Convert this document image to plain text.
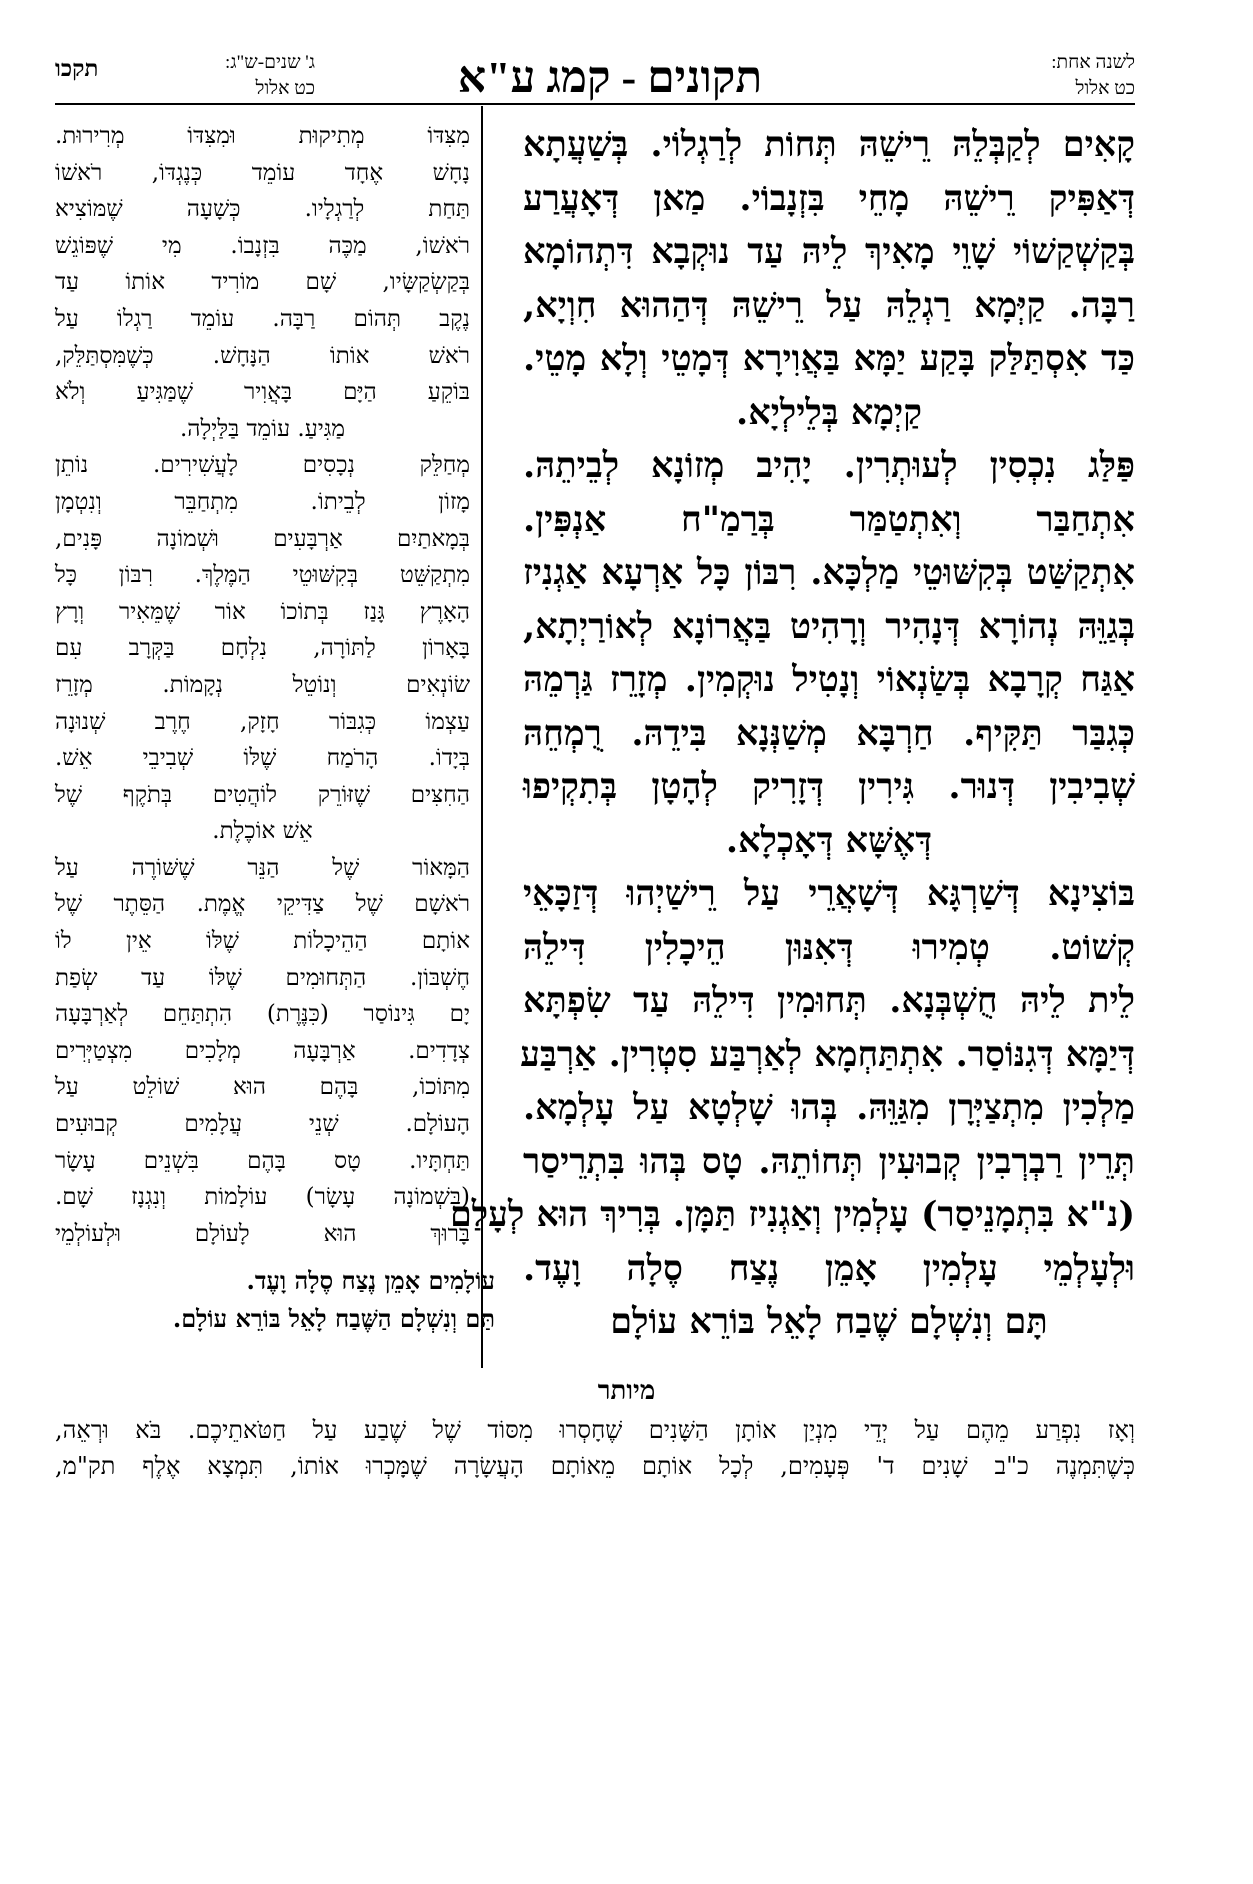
לשנה אחת:
כט אלול
תקונים - קמג ע"א
ג' שנים-ש"ג:
כט אלול
תקכו

קָאִים לְקַבְּלֵהּ רֵישֵׁהּ תְּחוֹת לְרַגְלוֹי. בְּשַׁעֲתָא

דְּאַפִּיק רֵישֵׁהּ מָחֵי בִּזְנָבוֹי. מַאן דְּאָעֲרַע

בְּקַשְׁקַשׁוֹי שָׁוֵי מָאִיךְ לֵיהּ עַד נוּקְבָא דִּתְהוֹמָא

רַבָּה. קַיְּמָא רַגְלֵהּ עַל רֵישֵׁהּ דְּהַהוּא חִוְיָא,

כַּד אִסְתַּלַּק בָּקַע יַמָּא בַּאֲוִירָא דְּמָטֵי וְלָא מָטֵי.

קַיְמָא בְּלֵילְיָא.

פַּלַּג נִכְסִין לְעוּתְרִין. יָהִיב מְזוֹנָא לְבֵיתֵהּ.

אִתְחַבַּר וְאִתְטַמַּר בְּרַמַ"ח אַנְפִּין.

אִתְקַשַּׁט בְּקִשּׁוּטֵי מַלְכָּא. רִבּוֹן כָּל אַרְעָא אַגְנִיז

בְּגַוֵּהּ נְהוֹרָא דְּנָהִיר וְרָהִיט בַּאֲרוֹנָא לְאוֹרַיְתָא,

אַגַּח קְרָבָא בְּשַׂנְאוֹי וְנָטִיל נוּקְמִין. מְזָרֵז גַּרְמֵהּ

כְּגִבַּר תַּקִּיף. חַרְבָּא מְשַׁנְּנָא בִּידֵהּ. רֻמְחֵהּ

שְׁבִיבִין דְּנוּר. גִּירִין דְּזָרִיק לְהָטָן בְּתִקְיפוּ

דְּאֶשָּׁא דְּאָכְלָא.

בּוֹצִינָא דְּשַׁרְגָּא דְּשָׁאֲרֵי עַל רֵישַׁיְהוּ דְּזַכָּאֵי

קְשׁוֹט. טְמִירוּ דְּאִנּוּן הֵיכָלִין דִּילֵהּ

לֵית לֵיהּ חֻשְׁבְּנָא. תְּחוּמִין דִּילֵהּ עַד שִׂפְתָּא

דְּיַמָּא דְּגִנּוֹסַר. אִתְתַּחְמָא לְאַרְבַּע סִטְרִין. אַרְבַּע

מַלְכִין מִתְצַיְּרָן מִגַּוֵּהּ. בְּהוּ שָׁלְטָא עַל עָלְמָא.

תְּרֵין רַבְרְבִין קְבוּעִין תְּחוֹתֵהּ. טָס בְּהוּ בִּתְרֵיסַר

(נ"א בִּתְמָנֵיסַר) עָלְמִין וְאַגְנִיז תַּמָּן. בְּרִיךְ הוּא לְעָלַם

וּלְעָלְמֵי עָלְמִין אָמֵן נֶצַח סֶלָה וָעֶד.

תָּם וְנִשְׁלָם שֶׁבַח לָאֵל בּוֹרֵא עוֹלָם

מִצִּדּוֹ מְתִיקוּת וּמִצִּדּוֹ מְרִירוּת.

נָחָשׁ אֶחָד עוֹמֵד כְּנֶגְדּוֹ, רֹאשׁוֹ

תַּחַת לְרַגְלָיו. כְּשָׁעָה שֶׁמּוֹצִיא

רֹאשׁוֹ, מַכֶּה בִּזְנָבוֹ. מִי שֶׁפּוֹגֵשׁ

בְּקַשְׂקַשָּׂיו, שָׁם מוֹרִיד אוֹתוֹ עַד

נֶקֶב תְּהוֹם רַבָּה. עוֹמֵד רַגְלוֹ עַל

רֹאשׁ אוֹתוֹ הַנָּחָשׁ. כְּשֶׁמִּסְתַּלֵּק,

בּוֹקֵעַ הַיָּם בָּאֲוִיר שֶׁמַּגִּיעַ וְלֹא

מַגִּיעַ. עוֹמֵד בַּלַּיְלָה.

מְחַלֵּק נְכָסִים לָעֲשִׁירִים. נוֹתֵן

מָזוֹן לְבֵיתוֹ. מִתְחַבֵּר וְנִטְמָן

בְּמָאתַיִם אַרְבָּעִים וּשְׁמוֹנָה פָּנִים,

מִתְקַשֵּׁט בְּקִשּׁוּטֵי הַמֶּלֶךְ. רִבּוֹן כָּל

הָאָרֶץ גָּנַז בְּתוֹכוֹ אוֹר שֶׁמֵּאִיר וְרָץ

בָּאָרוֹן לַתּוֹרָה, נִלְחָם בַּקְּרָב עִם

שׂוֹנְאִים וְנוֹטֵל נְקָמוֹת. מְזָרֵז

עַצְמוֹ כְּגִבּוֹר חָזָק, חֶרֶב שְׁנוּנָה

בְּיָדוֹ. הָרֹמַח שֶׁלּוֹ שְׁבִיבֵי אֵשׁ.

הַחִצִּים שֶׁזּוֹרֵק לוֹהֲטִים בְּתֹקֶף שֶׁל

אֵשׁ אוֹכֶלֶת.

הַמָּאוֹר שֶׁל הַנֵּר שֶׁשּׁוֹרֶה עַל

רֹאשָׁם שֶׁל צַדִּיקֵי אֱמֶת. הַסֵּתֶר שֶׁל

אוֹתָם הַהֵיכָלוֹת שֶׁלּוֹ אֵין לוֹ

חֶשְׁבּוֹן. הַתְּחוּמִים שֶׁלּוֹ עַד שְׂפַת

יָם גִּינוֹסַר (כִּנֶּרֶת) הִתְתַּחֵם לְאַרְבָּעָה

צְדָדִים. אַרְבָּעָה מְלָכִים מִצְטַיְּרִים

מִתּוֹכוֹ, בָּהֶם הוּא שׁוֹלֵט עַל

הָעוֹלָם. שְׁנֵי עֲלָמִים קְבוּעִים

תַּחְתָּיו. טָס בָּהֶם בִּשְׁנֵים עָשָׂר

(בִּשְׁמוֹנָה עָשָׂר) עוֹלָמוֹת וְנִגְנָז שָׁם.

בָּרוּךְ הוּא לָעוֹלָם וּלְעוֹלְמֵי

עוֹלָמִים אָמֵן נֶצַח סֶלָה וָעֶד.
תַּם וְנִשְׁלָם הַשֶּׁבַח לָאֵל בּוֹרֵא עוֹלָם.
מיותר

וְאָז נִפְרַע מֵהֶם עַל יְדֵי מִנְיַן אוֹתָן הַשָּׁנִים שֶׁחָסְרוּ מִסּוֹד שֶׁל שֶׁבַע עַל חַטֹּאתֵיכֶם. בֹּא וּרְאֵה,

כְּשֶׁתִּמְנֶה כ"ב שָׁנִים ד' פְּעָמִים, לְכָל אוֹתָם מֵאוֹתָם הָעֲשָׂרָה שֶׁמָּכְרוּ אוֹתוֹ, תִּמְצָא אֶלֶף תק"מ,
